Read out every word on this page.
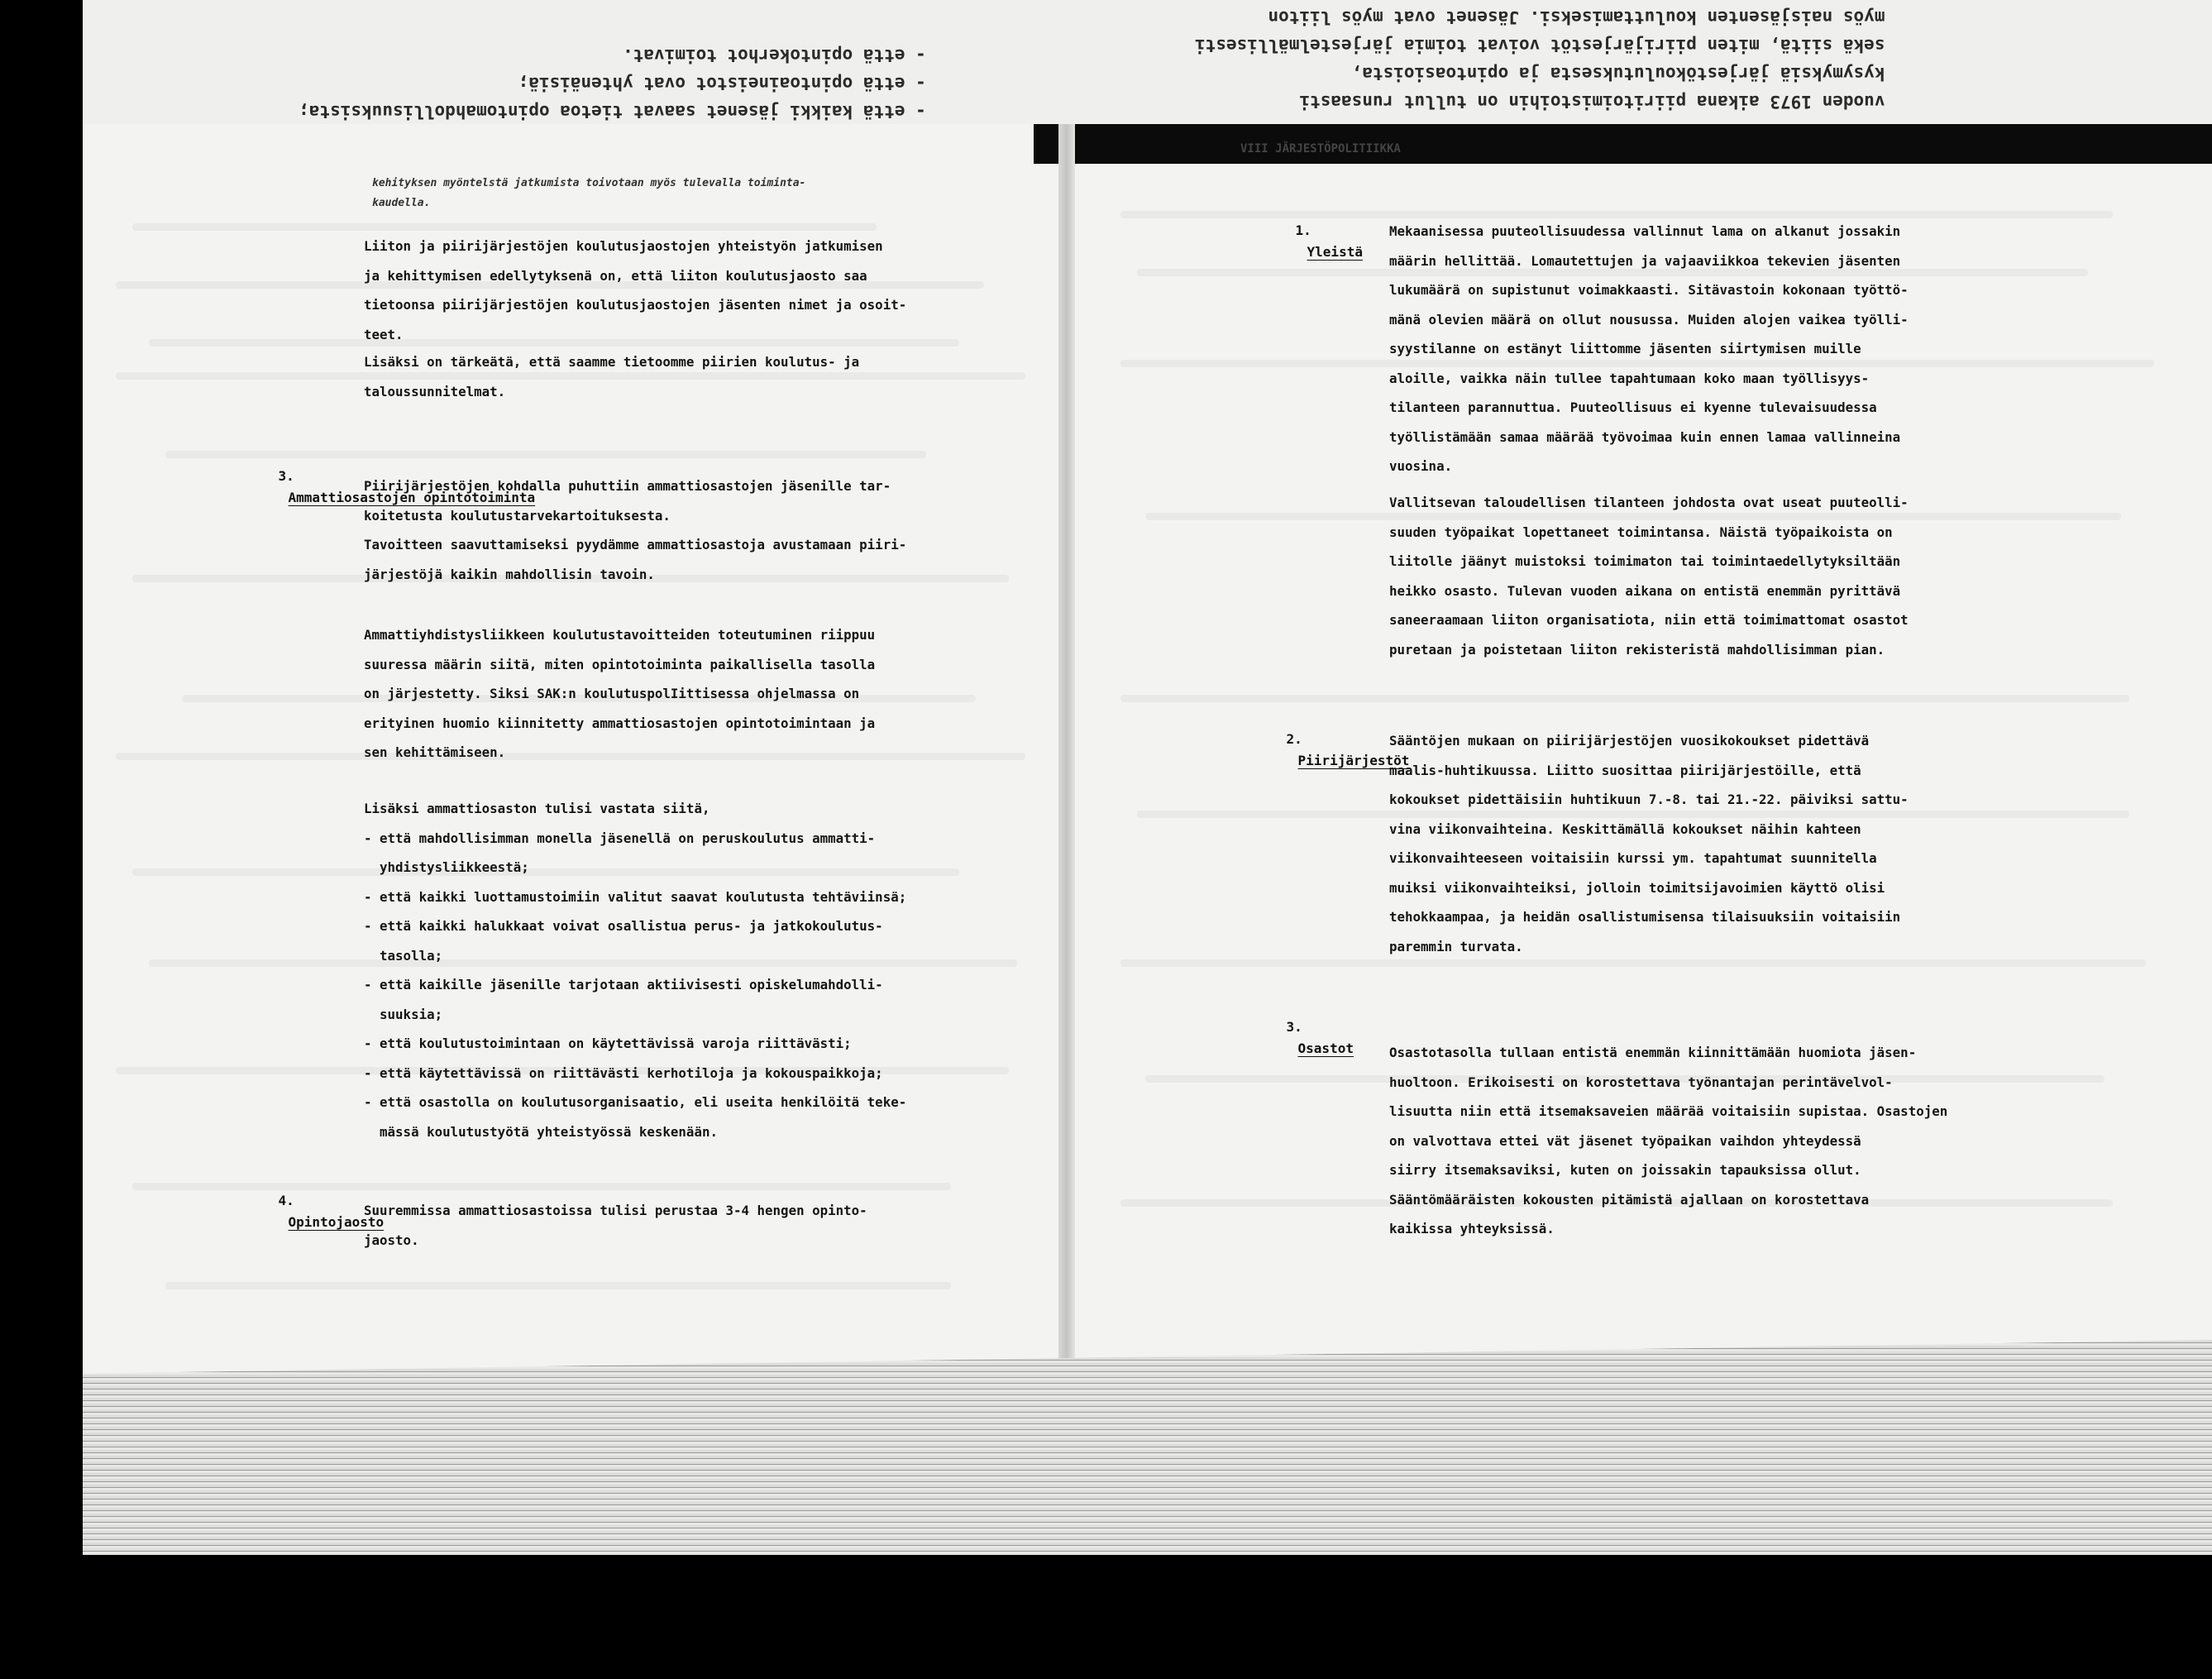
- että kaikki jäsenet saavat tietoa opintomahdollisuuksista;

- että opintoaineistot ovat yhtenäisiä;

- että opintokerhot toimivat.

vuoden 1973 aikana piiritoimistoihin on tullut runsaasti

kysymyksiä järjestökoulutuksesta ja opintoasioista,

sekä siitä, miten piirijärjestöt voivat toimia järjestelmällisesti

myös naisjäsenten kouluttamiseksi. Jäsenet ovat myös liiton

kehityksen myöntelstä jatkumista toivotaan myös tulevalla toiminta-
kaudella.

Liiton ja piirijärjestöjen koulutusjaostojen yhteistyön jatkumisen
ja kehittymisen edellytyksenä on, että liiton koulutusjaosto saa
tietoonsa piirijärjestöjen koulutusjaostojen jäsenten nimet ja osoit-
teet.

Lisäksi on tärkeätä, että saamme tietoomme piirien koulutus- ja
taloussunnitelmat.

3.
Ammattiosastojen opintotoiminta

Piirijärjestöjen kohdalla puhuttiin ammattiosastojen jäsenille tar-
koitetusta koulutustarvekartoituksesta.
Tavoitteen saavuttamiseksi pyydämme ammattiosastoja avustamaan piiri-
järjestöjä kaikin mahdollisin tavoin.

Ammattiyhdistysliikkeen koulutustavoitteiden toteutuminen riippuu
suuressa määrin siitä, miten opintotoiminta paikallisella tasolla
on järjestetty. Siksi SAK:n koulutuspolIittisessa ohjelmassa on
erityinen huomio kiinnitetty ammattiosastojen opintotoimintaan ja
sen kehittämiseen.

Lisäksi ammattiosaston tulisi vastata siitä,
- että mahdollisimman monella jäsenellä on peruskoulutus ammatti-
yhdistysliikkeestä;
- että kaikki luottamustoimiin valitut saavat koulutusta tehtäviinsä;
- että kaikki halukkaat voivat osallistua perus- ja jatkokoulutus-
tasolla;
- että kaikille jäsenille tarjotaan aktiivisesti opiskelumahdolli-
suuksia;
- että koulutustoimintaan on käytettävissä varoja riittävästi;
- että käytettävissä on riittävästi kerhotiloja ja kokouspaikkoja;
- että osastolla on koulutusorganisaatio, eli useita henkilöitä teke-
mässä koulutustyötä yhteistyössä keskenään.

4.
Opintojaosto

Suuremmissa ammattiosastoissa tulisi perustaa 3-4 hengen opinto-
jaosto.

1.
Yleistä

Mekaanisessa puuteollisuudessa vallinnut lama on alkanut jossakin
määrin hellittää. Lomautettujen ja vajaaviikkoa tekevien jäsenten
lukumäärä on supistunut voimakkaasti. Sitävastoin kokonaan työttö-
mänä olevien määrä on ollut nousussa. Muiden alojen vaikea työlli-
syystilanne on estänyt liittomme jäsenten siirtymisen muille
aloille, vaikka näin tullee tapahtumaan koko maan työllisyys-
tilanteen parannuttua. Puuteollisuus ei kyenne tulevaisuudessa
työllistämään samaa määrää työvoimaa kuin ennen lamaa vallinneina
vuosina.

Vallitsevan taloudellisen tilanteen johdosta ovat useat puuteolli-
suuden työpaikat lopettaneet toimintansa. Näistä työpaikoista on
liitolle jäänyt muistoksi toimimaton tai toimintaedellytyksiltään
heikko osasto. Tulevan vuoden aikana on entistä enemmän pyrittävä
saneeraamaan liiton organisatiota, niin että toimimattomat osastot
puretaan ja poistetaan liiton rekisteristä mahdollisimman pian.

2.
Piirijärjestöt

Sääntöjen mukaan on piirijärjestöjen vuosikokoukset pidettävä
maalis-huhtikuussa. Liitto suosittaa piirijärjestöille, että
kokoukset pidettäisiin huhtikuun 7.-8. tai 21.-22. päiviksi sattu-
vina viikonvaihteina. Keskittämällä kokoukset näihin kahteen
viikonvaihteeseen voitaisiin kurssi ym. tapahtumat suunnitella
muiksi viikonvaihteiksi, jolloin toimitsijavoimien käyttö olisi
tehokkaampaa, ja heidän osallistumisensa tilaisuuksiin voitaisiin
paremmin turvata.

3.
Osastot
	Osastotasolla tullaan entistä enemmän kiinnittämään huomiota jäsen-
huoltoon. Erikoisesti on korostettava työnantajan perintävelvol-
lisuutta niin että itsemaksaveien määrää voitaisiin supistaa. Osastojen
on valvottava ettei vät jäsenet työpaikan vaihdon yhteydessä
siirry itsemaksaviksi, kuten on joissakin tapauksissa ollut.
Sääntömääräisten kokousten pitämistä ajallaan on korostettava
kaikissa yhteyksissä.

VIII JÄRJESTÖPOLITIIKKA
